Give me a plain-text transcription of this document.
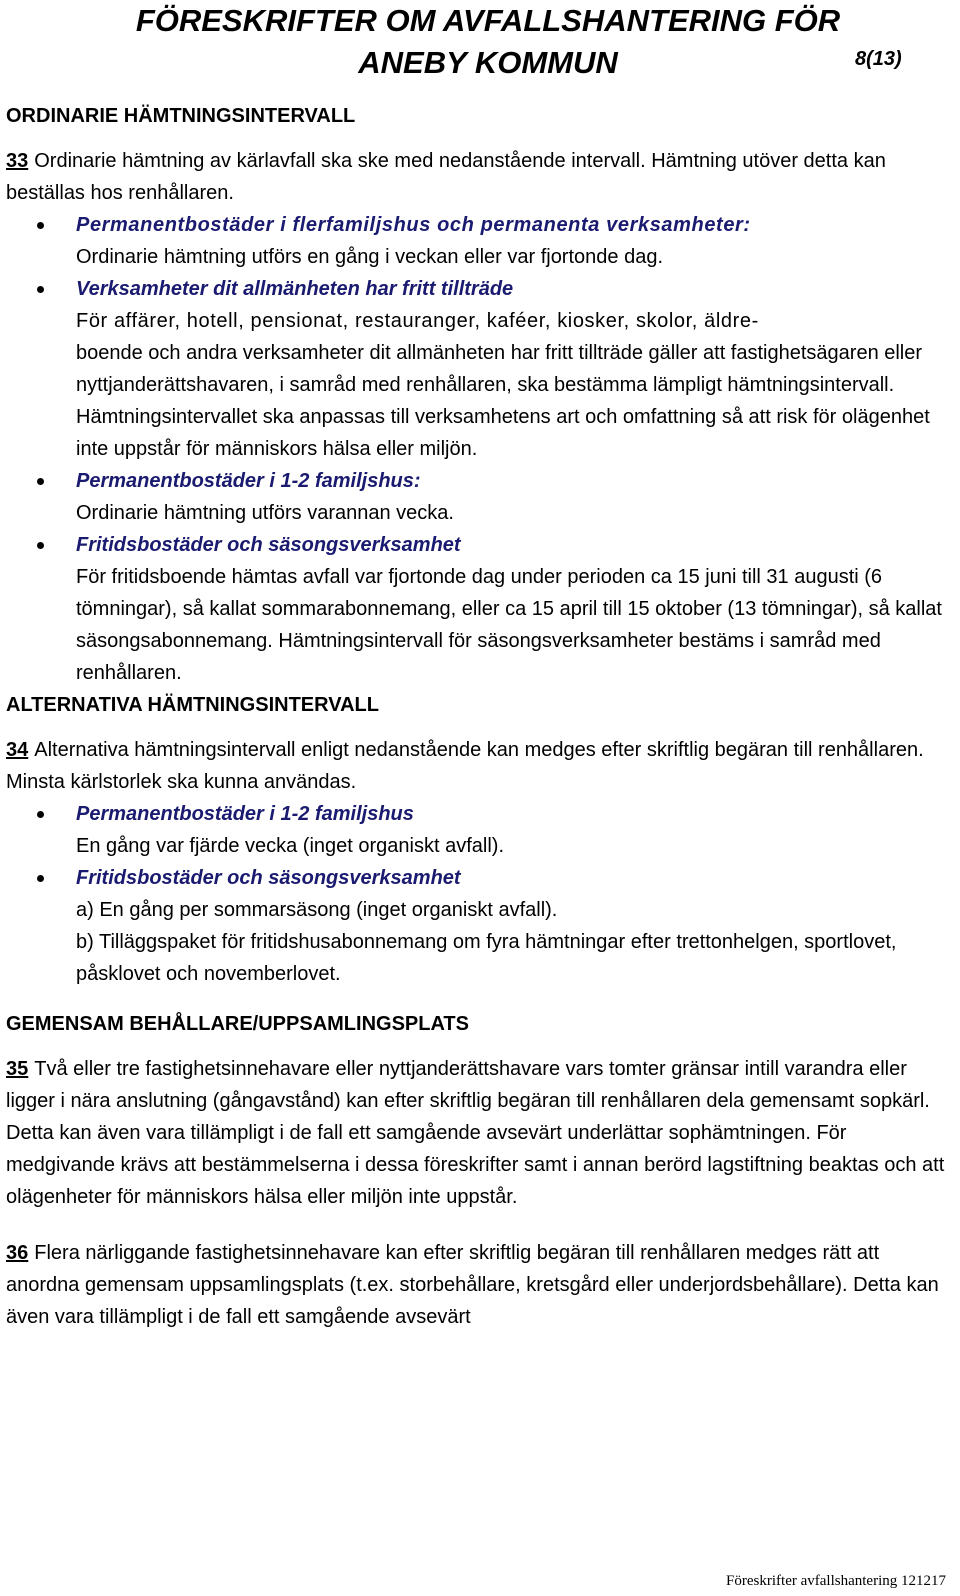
FÖRESKRIFTER OM AVFALLSHANTERING FÖR
ANEBY KOMMUN	8(13)
ORDINARIE HÄMTNINGSINTERVALL

33 Ordinarie hämtning av kärlavfall ska ske med nedanstående intervall. Hämtning utöver detta kan beställas hos renhållaren.

Permanentbostäder i flerfamiljshus och permanenta verksamheter:
Ordinarie hämtning utförs en gång i veckan eller var fjortonde dag.
Verksamheter dit allmänheten har fritt tillträde
För affärer, hotell, pensionat, restauranger, kaféer, kiosker, skolor, äldre-
boende och andra verksamheter dit allmänheten har fritt tillträde gäller att fastighetsägaren eller nyttjanderättshavaren, i samråd med renhållaren, ska bestämma lämpligt hämtningsintervall. Hämtningsintervallet ska anpassas till verksamhetens art och omfattning så att risk för olägenhet inte uppstår för människors hälsa eller miljön.
Permanentbostäder i 1-2 familjshus:
Ordinarie hämtning utförs varannan vecka.
Fritidsbostäder och säsongsverksamhet
För fritidsboende hämtas avfall var fjortonde dag under perioden ca 15 juni till 31 augusti (6 tömningar), så kallat sommarabonnemang, eller ca 15 april till 15 oktober (13 tömningar), så kallat säsongsabonnemang. Hämtningsintervall för säsongsverksamheter bestäms i samråd med renhållaren.
ALTERNATIVA HÄMTNINGSINTERVALL

34 Alternativa hämtningsintervall enligt nedanstående kan medges efter skriftlig begäran till renhållaren. Minsta kärlstorlek ska kunna användas.

Permanentbostäder i 1-2 familjshus
En gång var fjärde vecka (inget organiskt avfall).
Fritidsbostäder och säsongsverksamhet
a) En gång per sommarsäsong (inget organiskt avfall).
b) Tilläggspaket för fritidshusabonnemang om fyra hämtningar efter trettonhelgen, sportlovet, påsklovet och novemberlovet.
GEMENSAM BEHÅLLARE/UPPSAMLINGSPLATS

35 Två eller tre fastighetsinnehavare eller nyttjanderättshavare vars tomter gränsar intill varandra eller ligger i nära anslutning (gångavstånd) kan efter skriftlig begäran till renhållaren dela gemensamt sopkärl. Detta kan även vara tillämpligt i de fall ett samgående avsevärt underlättar sophämtningen. För medgivande krävs att bestämmelserna i dessa föreskrifter samt i annan berörd lagstiftning beaktas och att olägenheter för människors hälsa eller miljön inte uppstår.

36 Flera närliggande fastighetsinnehavare kan efter skriftlig begäran till renhållaren medges rätt att anordna gemensam uppsamlingsplats (t.ex. storbehållare, kretsgård eller underjordsbehållare). Detta kan även vara tillämpligt i de fall ett samgående avsevärt

Föreskrifter avfallshantering 121217
